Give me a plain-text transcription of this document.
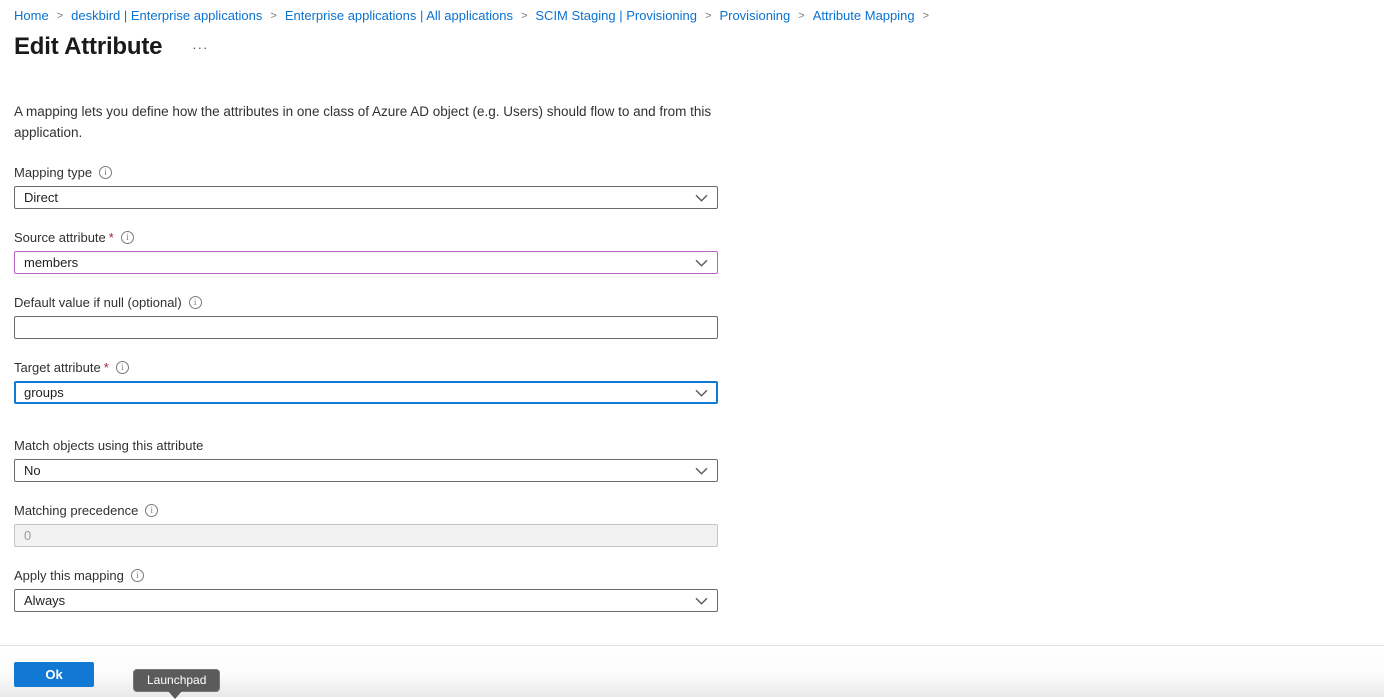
Home > deskbird | Enterprise applications > Enterprise applications | All applications > SCIM Staging | Provisioning > Provisioning > Attribute Mapping
>
Edit Attribute
···

A mapping lets you define how the attributes in one class of Azure AD object (e.g. Users) should flow to and from this application.

Mapping type
i
Direct
Source attribute *
i
members
Default value if null (optional)
i
Target attribute *
i
groups
Match objects using this attribute
No
Matching precedence
i
0
Apply this mapping
i
Always
Ok	Launchpad
